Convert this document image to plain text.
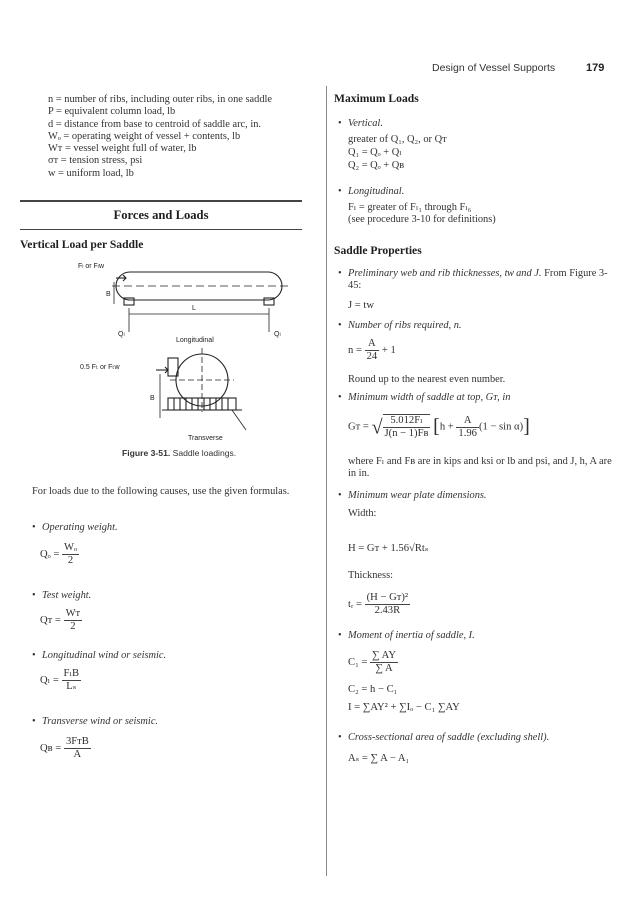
Design of Vessel Supports	179
n = number of ribs, including outer ribs, in one saddle
P = equivalent column load, lb
d = distance from base to centroid of saddle arc, in.
Wₒ = operating weight of vessel + contents, lb
Wᴛ = vessel weight full of water, lb
σᴛ = tension stress, psi
w = uniform load, lb
Forces and Loads
Vertical Load per Saddle
Fₗ or Fₗᴡ
B
L
Qₗ	Qₗ
Longitudinal
0.5 Fₜ or Fₜᴡ
B
Transverse
Figure 3-51. Saddle loadings.
For loads due to the following causes, use the given formulas.
• Operating weight.
$Q_o = \frac{\text{Wₒ}}{2}$
• Test weight.
Qᴛ = $\frac{\text{Wᴛ}}{2}$
• Longitudinal wind or seismic.
$Q_l = \frac{\text{FₗB}}{\text{Lₛ}}$
• Transverse wind or seismic.
Qʙ = $\frac{\text{3FᴛB}}{A}$
Maximum Loads
• Vertical.
greater of Q₁, Q₂, or Qᴛ
Q₁ = Qₒ + Qₗ
Q₂ = Qₒ + Qʙ
• Longitudinal.
Fₗ = greater of Fₗ₁ through Fₗ₆
(see procedure 3-10 for definitions)
Saddle Properties
• Preliminary web and rib thicknesses, tᴡ and J. From Figure 3-45:
J = tᴡ
• Number of ribs required, n.
$n = \frac{A}{24} + 1$
Round up to the nearest even number.
• Minimum width of saddle at top, Gᴛ, in
Gᴛ = √ $\frac{\text{5.012Fₗ}}{\text{J(n − 1)Fʙ}} [h + \frac{A}{1.96} (1 - \sin \alpha)]$
where Fₗ and Fʙ are in kips and ksi or lb and psi, and J, h, A are in in.
• Minimum wear plate dimensions.
Width:
H = Gᴛ + 1.56√Rtₛ
Thickness:
tᵣ = $\frac{\text{(H − Gᴛ)²}}{2.43R}$
• Moment of inertia of saddle, I.
$C_1 = \frac{\sum AY}{\sum A}$
C₂ = h − C₁
I = ∑AY² + ∑Iₒ − C₁ ∑AY
• Cross-sectional area of saddle (excluding shell).
Aₛ = ∑ A − A₁
